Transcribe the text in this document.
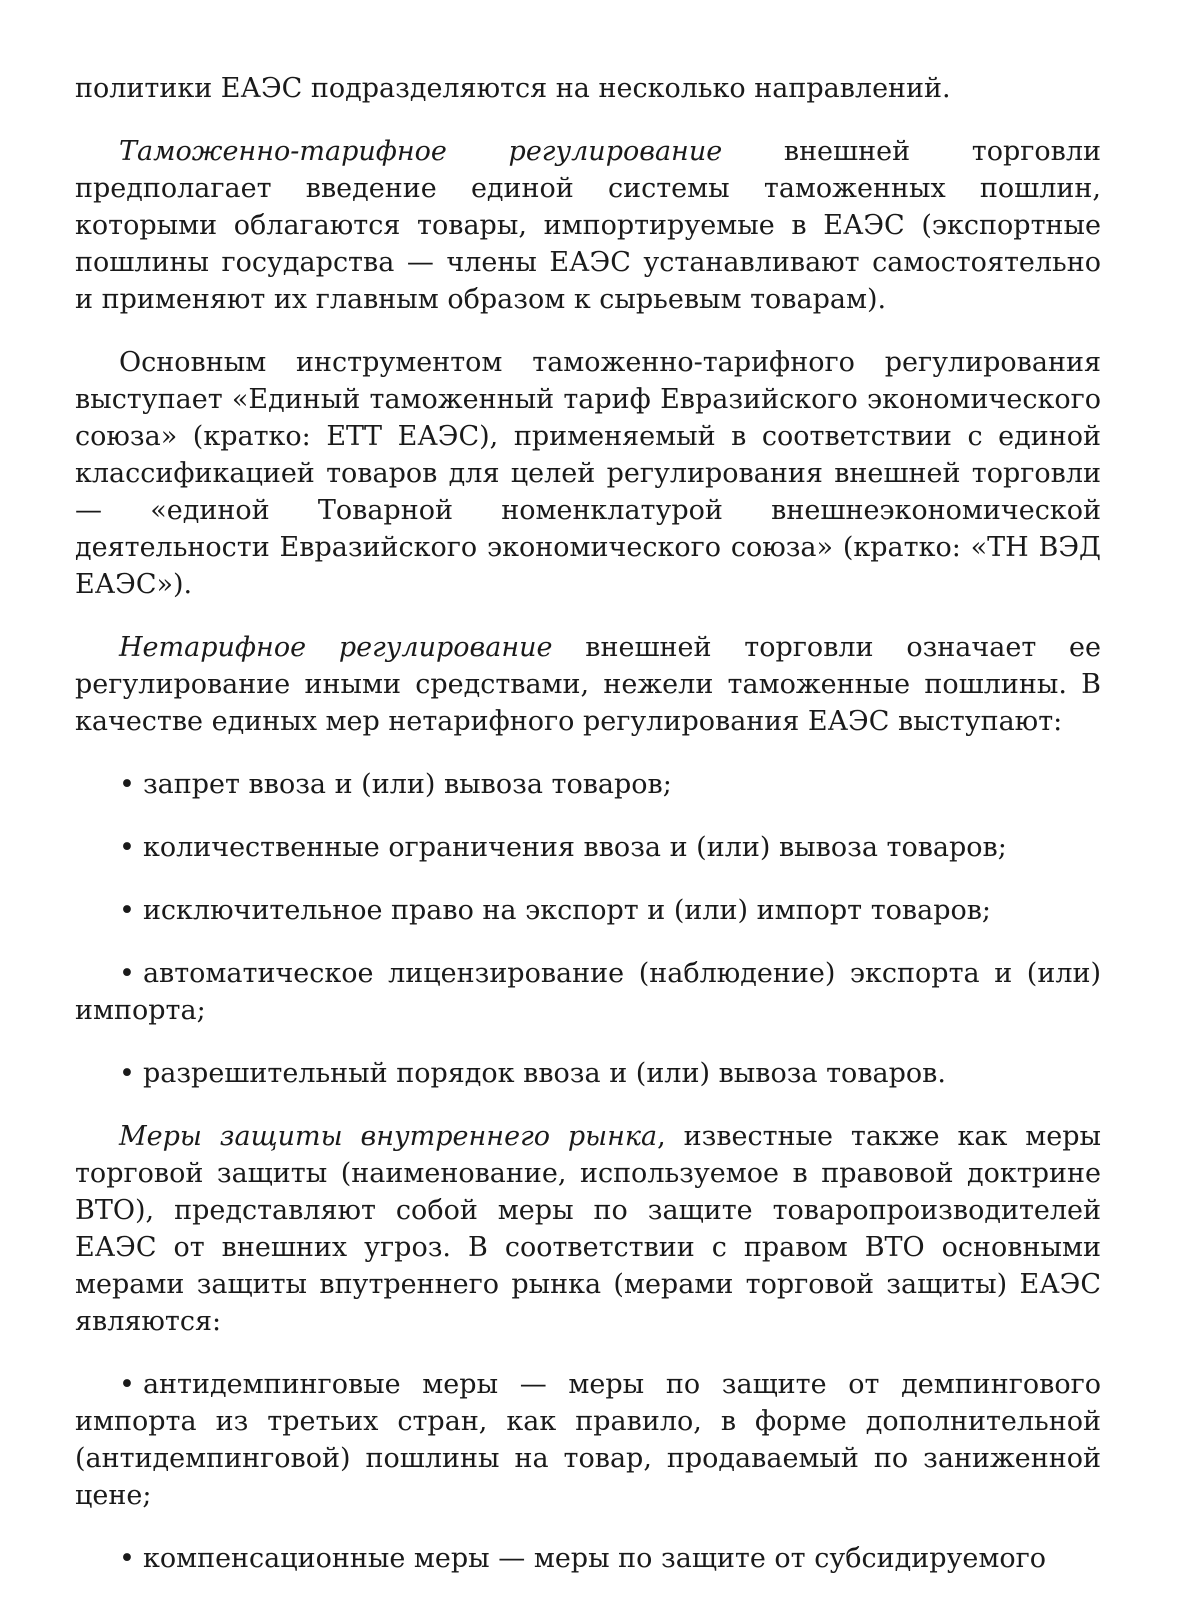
политики ЕАЭС подразделяются на несколько направлений.

Таможенно-тарифное регулирование внешней торговли предполагает введение единой системы таможенных пошлин, которыми облагаются товары, импортируемые в ЕАЭС (экспортные пошлины государства — члены ЕАЭС устанавливают самостоятельно и применяют их главным образом к сырьевым товарам).

Основным инструментом таможенно-тарифного регулирования выступает «Единый таможенный тариф Евразийского экономического союза» (кратко: ЕТТ ЕАЭС), применяемый в соответствии с единой классификацией товаров для целей регулирования внешней торговли — «единой Товарной номенклатурой внешнеэкономической деятельности Евразийского экономического союза» (кратко: «ТН ВЭД ЕАЭС»).

Нетарифное регулирование внешней торговли означает ее регулирование иными средствами, нежели таможенные пошлины. В качестве единых мер нетарифного регулирования ЕАЭС выступают:

• запрет ввоза и (или) вывоза товаров;

• количественные ограничения ввоза и (или) вывоза товаров;

• исключительное право на экспорт и (или) импорт товаров;

• автоматическое лицензирование (наблюдение) экспорта и (или) импорта;

• разрешительный порядок ввоза и (или) вывоза товаров.

Меры защиты внутреннего рынка, известные также как меры торговой защиты (наименование, используемое в правовой доктрине ВТО), представляют собой меры по защите товаропроизводителей ЕАЭС от внешних угроз. В соответствии с правом ВТО основными мерами защиты впутреннего рынка (мерами торговой защиты) ЕАЭС являются:

• антидемпинговые меры — меры по защите от демпингового импорта из третьих стран, как правило, в форме дополнительной (антидемпинговой) пошлины на товар, продаваемый по заниженной цене;

• компенсационные меры — меры по защите от субсидируемого
